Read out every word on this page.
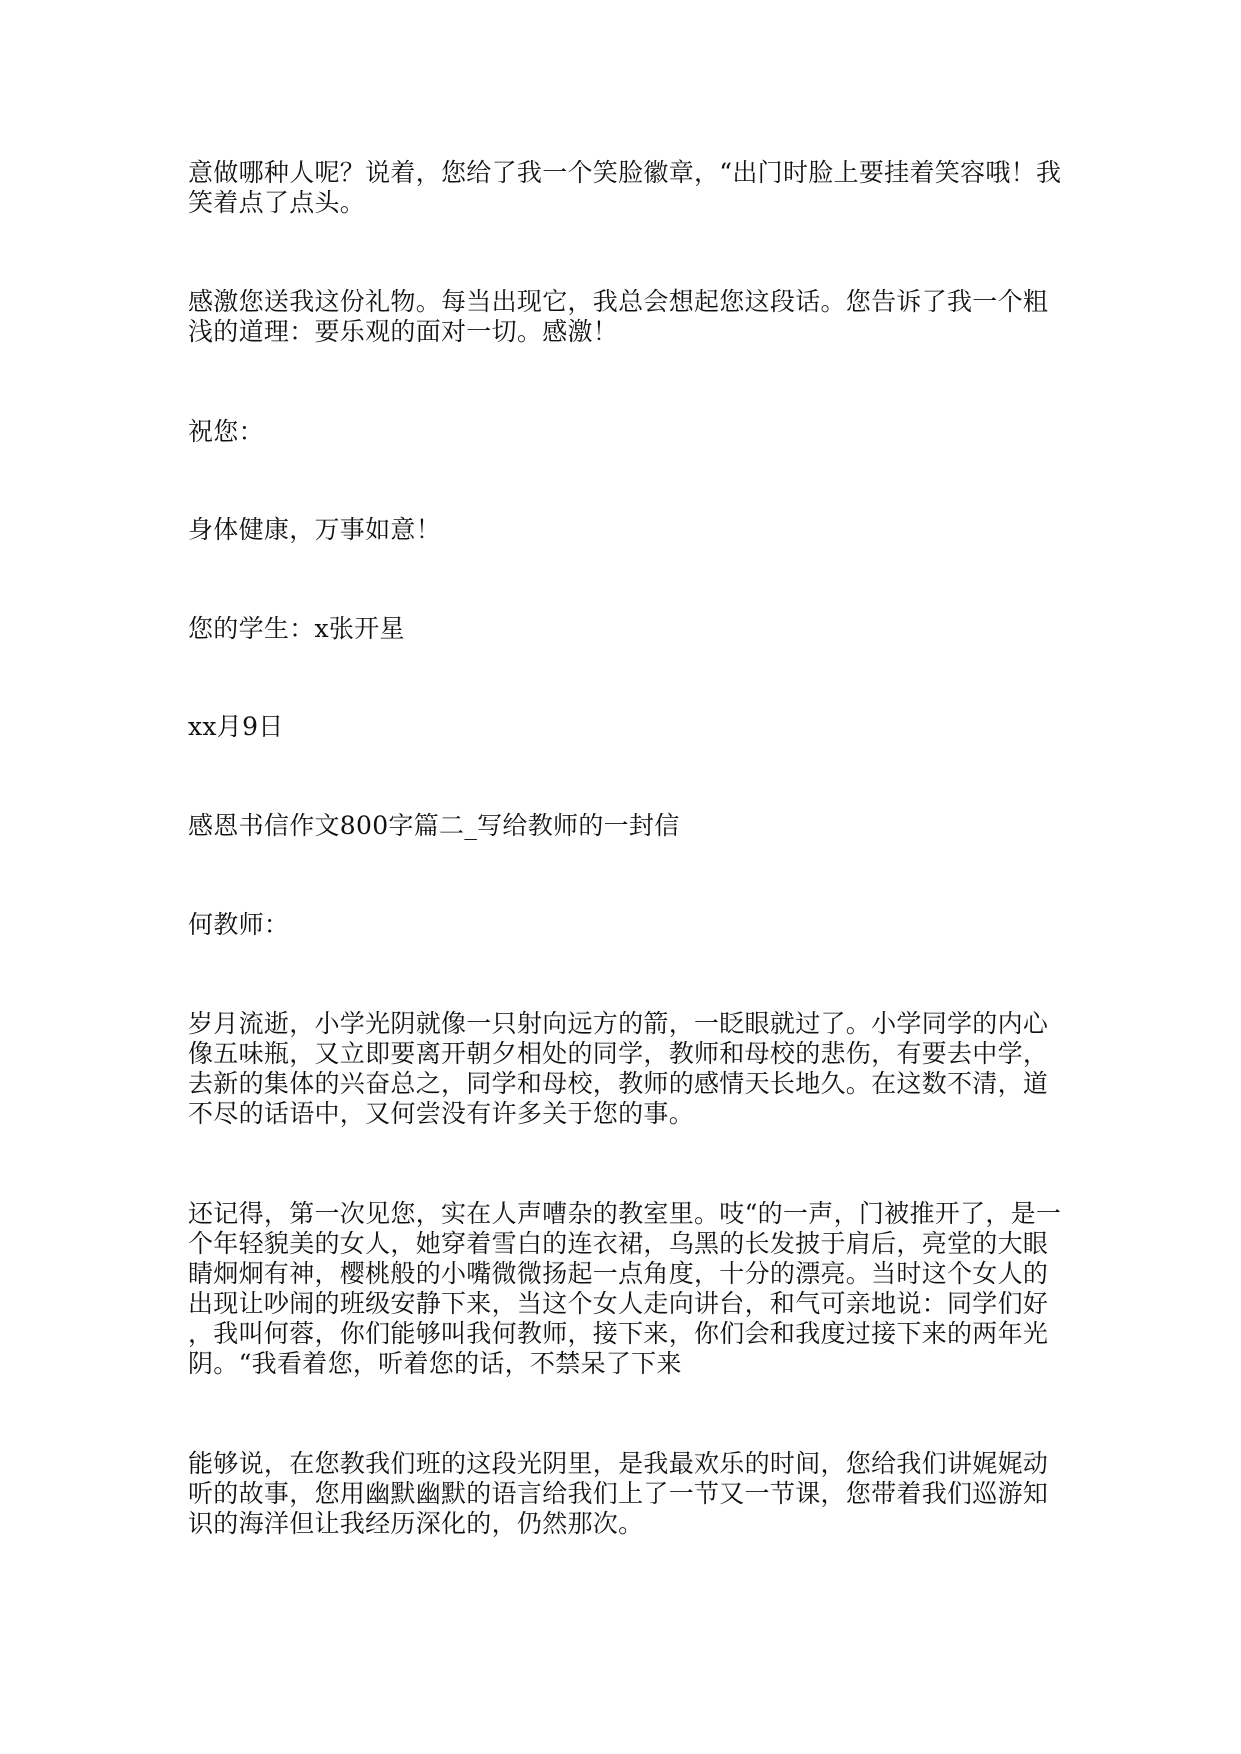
意做哪种人呢？说着，您给了我一个笑脸徽章，“出门时脸上要挂着笑容哦！我

笑着点了点头。

感激您送我这份礼物。每当出现它，我总会想起您这段话。您告诉了我一个粗

浅的道理：要乐观的面对一切。感激！

祝您：

身体健康，万事如意！

您的学生：x张开星

xx月9日

感恩书信作文800字篇二_写给教师的一封信

何教师：

岁月流逝，小学光阴就像一只射向远方的箭，一眨眼就过了。小学同学的内心

像五味瓶，又立即要离开朝夕相处的同学，教师和母校的悲伤，有要去中学，

去新的集体的兴奋总之，同学和母校，教师的感情天长地久。在这数不清，道

不尽的话语中，又何尝没有许多关于您的事。

还记得，第一次见您，实在人声嘈杂的教室里。吱“的一声，门被推开了，是一

个年轻貌美的女人，她穿着雪白的连衣裙，乌黑的长发披于肩后，亮堂的大眼

睛炯炯有神，樱桃般的小嘴微微扬起一点角度，十分的漂亮。当时这个女人的

出现让吵闹的班级安静下来，当这个女人走向讲台，和气可亲地说：同学们好

，我叫何蓉，你们能够叫我何教师，接下来，你们会和我度过接下来的两年光

阴。“我看着您，听着您的话，不禁呆了下来

能够说，在您教我们班的这段光阴里，是我最欢乐的时间，您给我们讲娓娓动

听的故事，您用幽默幽默的语言给我们上了一节又一节课，您带着我们巡游知

识的海洋但让我经历深化的，仍然那次。
